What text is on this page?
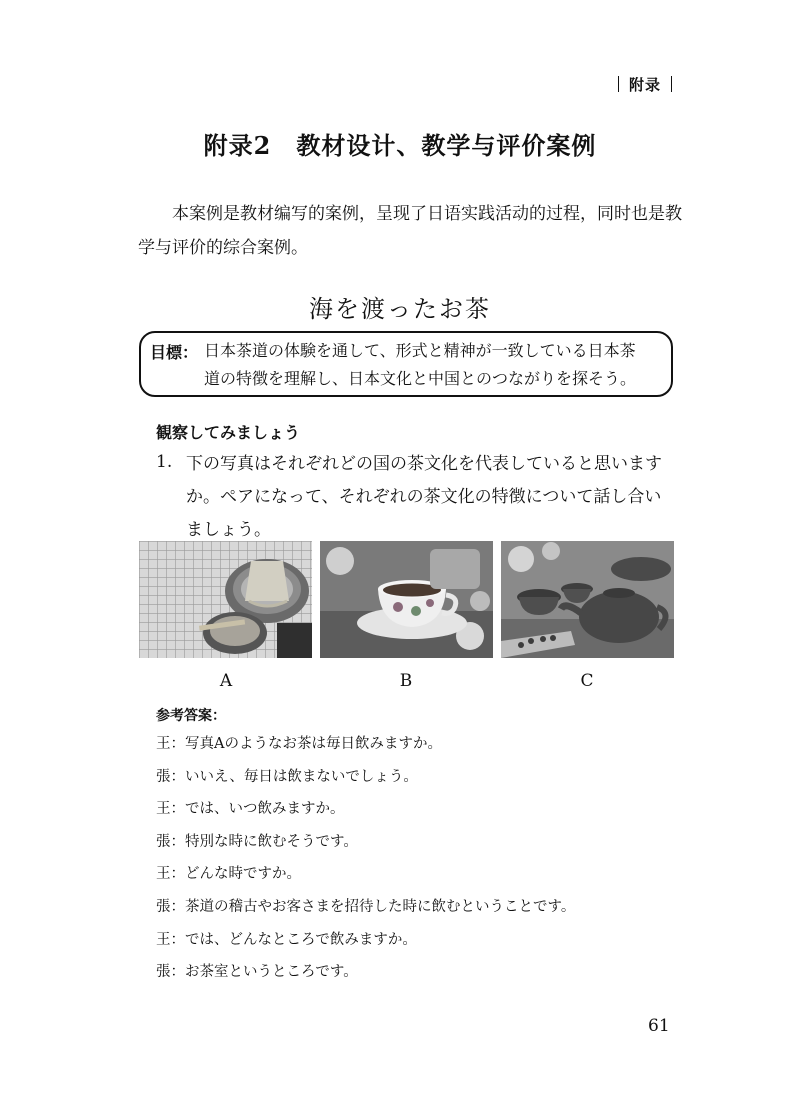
附录
附录2　教材设计、教学与评价案例
本案例是教材编写的案例，呈现了日语实践活动的过程，同时也是教学与评价的综合案例。
海を渡ったお茶
目標： 日本茶道の体験を通して、形式と精神が一致している日本茶

道の特徴を理解し、日本文化と中国とのつながりを探そう。
観察してみましょう
1. 下の写真はそれぞれどの国の茶文化を代表していると思いますか。ペアになって、それぞれの茶文化の特徴について話し合いましょう。
A	B	C
参考答案：
王：写真Aのようなお茶は毎日飲みますか。
張：いいえ、毎日は飲まないでしょう。
王：では、いつ飲みますか。
張：特別な時に飲むそうです。
王：どんな時ですか。
張：茶道の稽古やお客さまを招待した時に飲むということです。
王：では、どんなところで飲みますか。
張：お茶室というところです。
61
